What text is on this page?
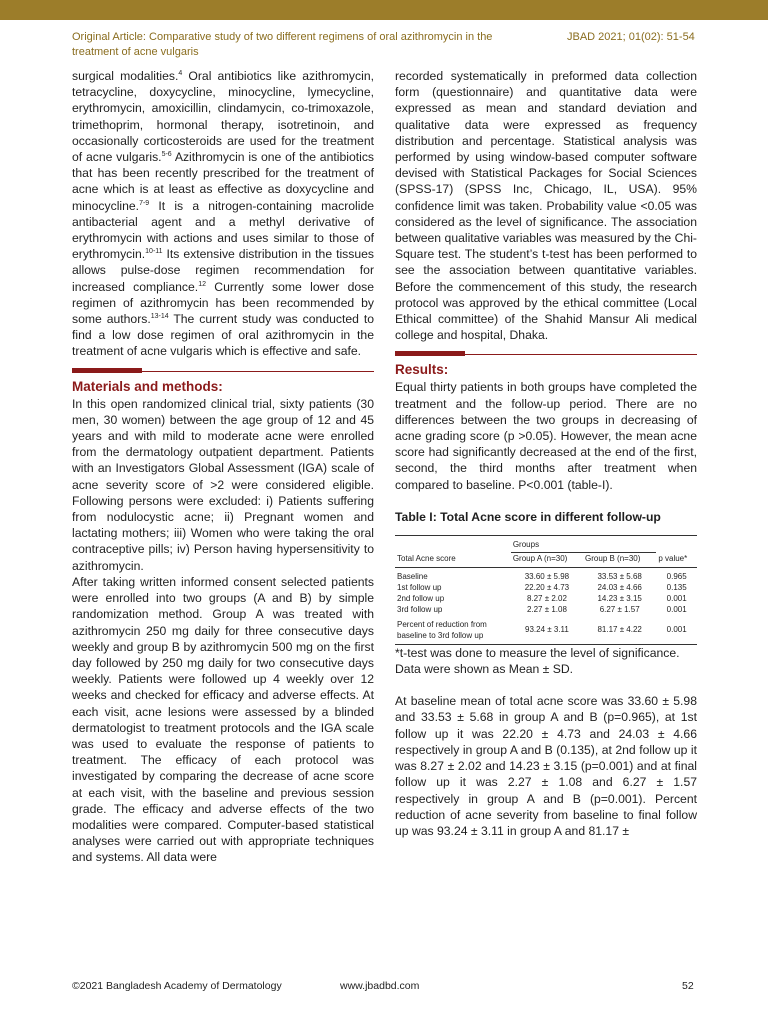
Original Article: Comparative study of two different regimens of oral azithromycin in the treatment of acne vulgaris
JBAD 2021; 01(02): 51-54

surgical modalities.$^4$ Oral antibiotics like azithromycin, tetracycline, doxycycline, minocycline, lymecycline, erythromycin, amoxicillin, clindamycin, co-trimoxazole, trimethoprim, hormonal therapy, isotretinoin, and occasionally corticosteroids are used for the treatment of acne vulgaris.$^{5-6}$ Azithromycin is one of the antibiotics that has been recently prescribed for the treatment of acne which is at least as effective as doxycycline and minocycline.$^{7-9}$ It is a nitrogen-containing macrolide antibacterial agent and a methyl derivative of erythromycin with actions and uses similar to those of erythromycin.$^{10-11}$ Its extensive distribution in the tissues allows pulse-dose regimen recommendation for increased compliance.$^{12}$ Currently some lower dose regimen of azithromycin has been recommended by some authors.$^{13-14}$ The current study was conducted to find a low dose regimen of oral azithromycin in the treatment of acne vulgaris which is effective and safe.

Materials and methods:

In this open randomized clinical trial, sixty patients (30 men, 30 women) between the age group of 12 and 45 years and with mild to moderate acne were enrolled from the dermatology outpatient department. Patients with an Investigators Global Assessment (IGA) scale of acne severity score of >2 were considered eligible. Following persons were excluded: i) Patients suffering from nodulocystic acne; ii) Pregnant women and lactating mothers; iii) Women who were taking the oral contraceptive pills; iv) Person having hypersensitivity to azithromycin.

After taking written informed consent selected patients were enrolled into two groups (A and B) by simple randomization method. Group A was treated with azithromycin 250 mg daily for three consecutive days weekly and group B by azithromycin 500 mg on the first day followed by 250 mg daily for two consecutive days weekly. Patients were followed up 4 weekly over 12 weeks and checked for efficacy and adverse effects. At each visit, acne lesions were assessed by a blinded dermatologist to treatment protocols and the IGA scale was used to evaluate the response of patients to treatment. The efficacy of each protocol was investigated by comparing the decrease of acne score at each visit, with the baseline and previous session grade. The efficacy and adverse effects of the two modalities were compared. Computer-based statistical analyses were carried out with appropriate techniques and systems. All data were

recorded systematically in preformed data collection form (questionnaire) and quantitative data were expressed as mean and standard deviation and qualitative data were expressed as frequency distribution and percentage. Statistical analysis was performed by using window-based computer software devised with Statistical Packages for Social Sciences (SPSS-17) (SPSS Inc, Chicago, IL, USA). 95% confidence limit was taken. Probability value <0.05 was considered as the level of significance. The association between qualitative variables was measured by the Chi-Square test. The student’s t-test has been performed to see the association between quantitative variables. Before the commencement of this study, the research protocol was approved by the ethical committee (Local Ethical committee) of the Shahid Mansur Ali medical college and hospital, Dhaka.

Results:

Equal thirty patients in both groups have completed the treatment and the follow-up period. There are no differences between the two groups in decreasing of acne grading score (p >0.05). However, the mean acne score had significantly decreased at the end of the first, second, the third months after treatment when compared to baseline. P<0.001 (table-I).

Table I: Total Acne score in different follow-up
	Groups		
Total Acne score	Group A (n=30)	Group B (n=30)	p value*
Baseline	33.60 ± 5.98	33.53 ± 5.68	0.965
1st follow up	22.20 ± 4.73	24.03 ± 4.66	0.135
2nd follow up	8.27 ± 2.02	14.23 ± 3.15	0.001
3rd follow up	2.27 ± 1.08	6.27 ± 1.57	0.001
Percent of reduction from
baseline to 3rd follow up	93.24 ± 3.11	81.17 ± 4.22	0.001

*t-test was done to measure the level of significance.
Data were shown as Mean ± SD.

At baseline mean of total acne score was 33.60 ± 5.98 and 33.53 ± 5.68 in group A and B (p=0.965), at 1st follow up it was 22.20 ± 4.73 and 24.03 ± 4.66 respectively in group A and B (0.135), at 2nd follow up it was 8.27 ± 2.02 and 14.23 ± 3.15 (p=0.001) and at final follow up it was 2.27 ± 1.08 and 6.27 ± 1.57 respectively in group A and B (p=0.001). Percent reduction of acne severity from baseline to final follow up was 93.24 ± 3.11 in group A and 81.17 ±

©2021 Bangladesh Academy of Dermatology	www.jbadbd.com	52
